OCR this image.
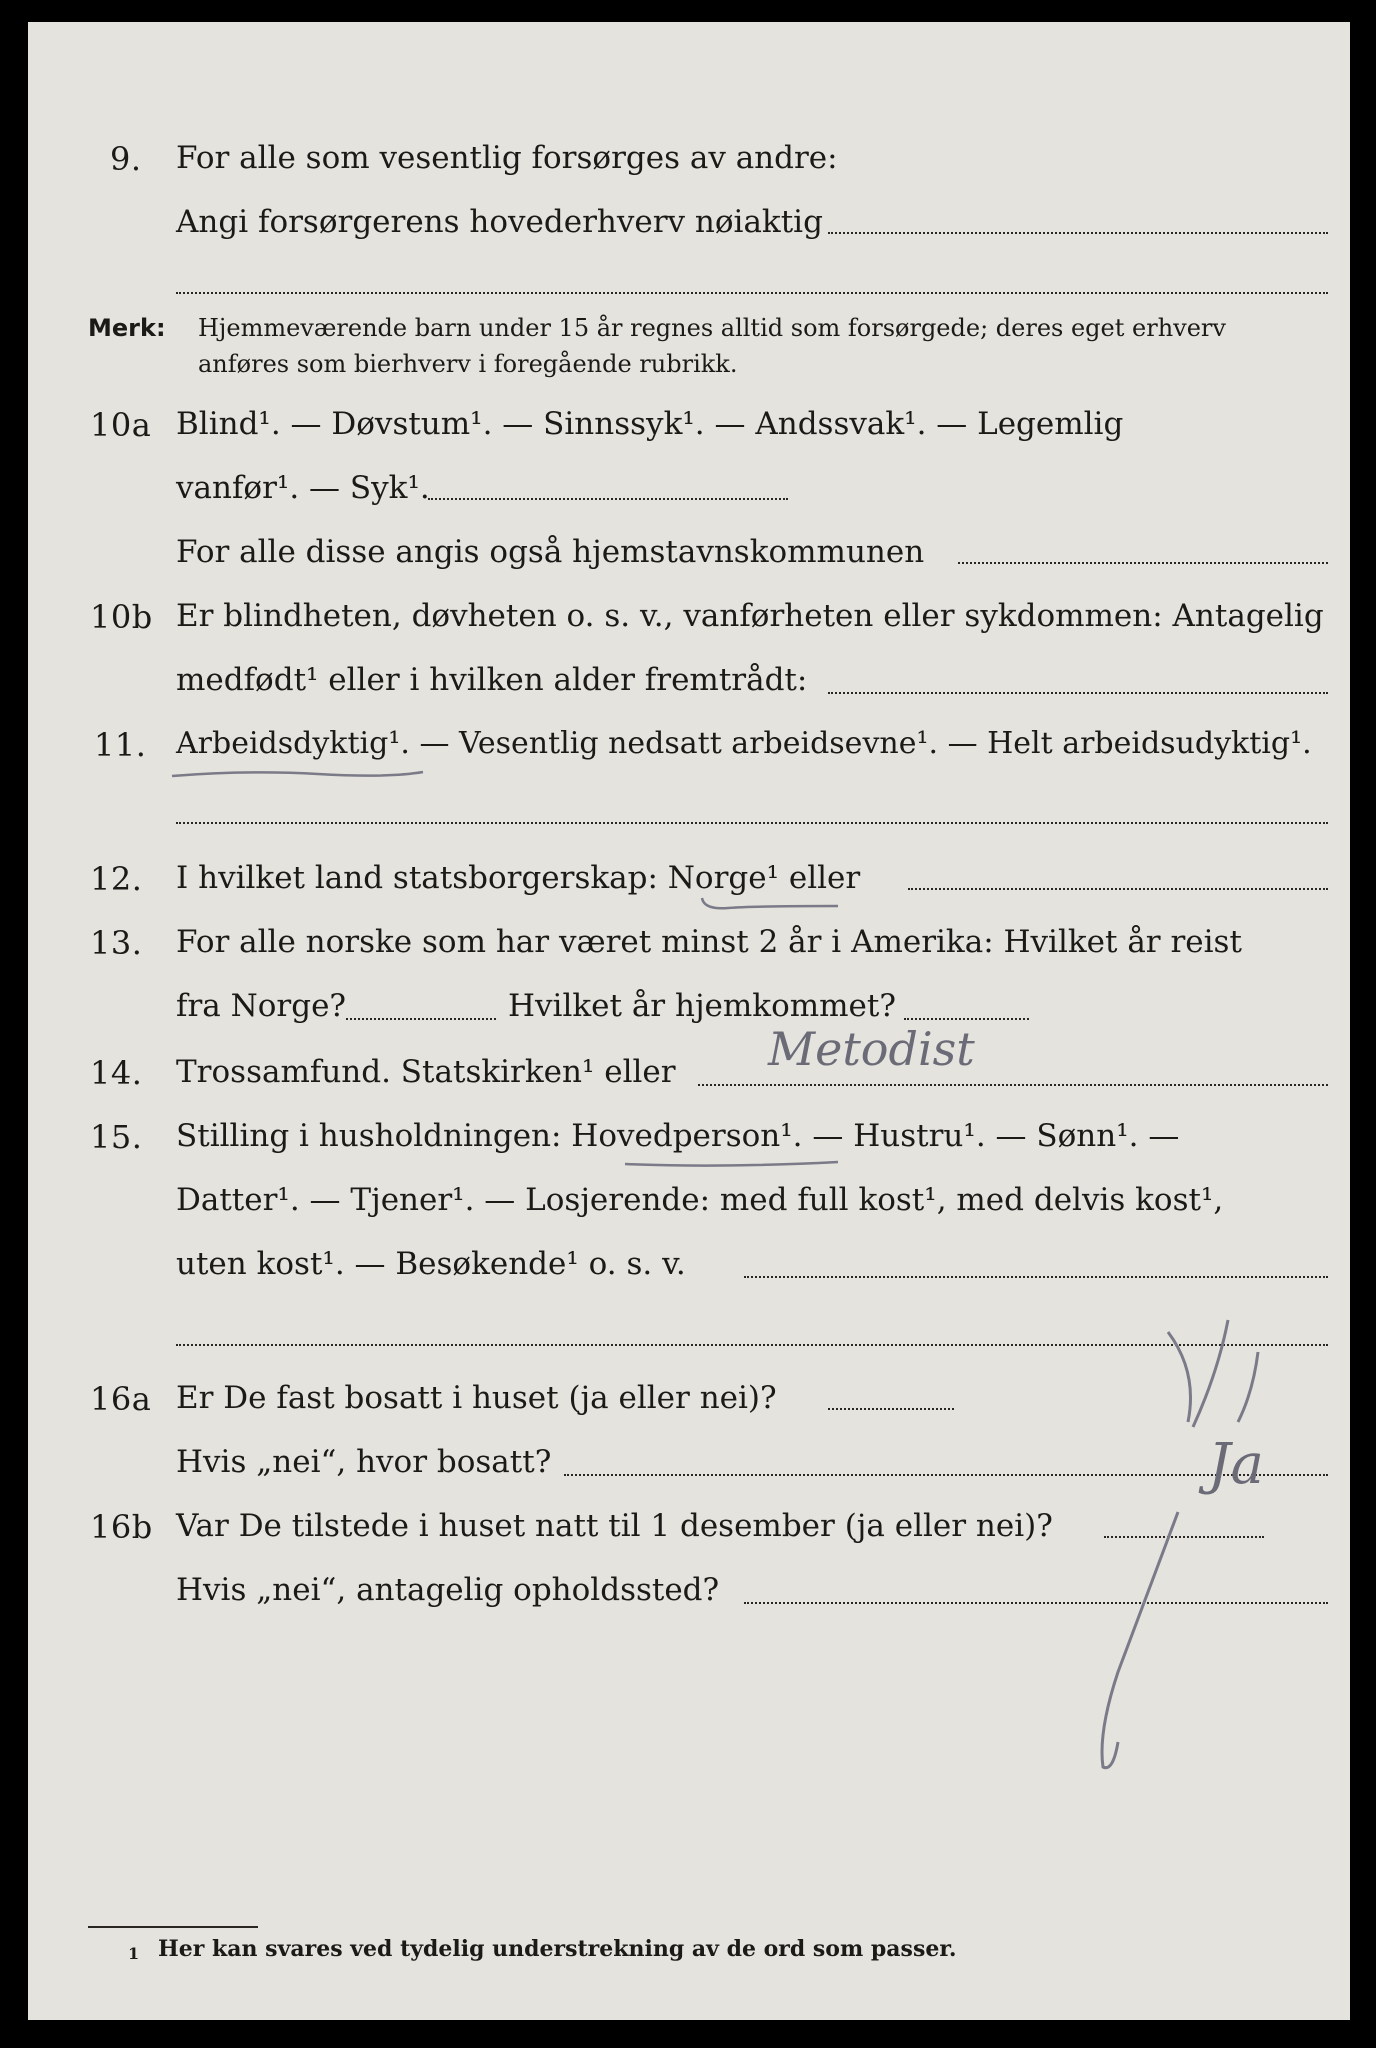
9. For alle som vesentlig forsørges av andre:
Angi forsørgerens hovederhverv nøiaktig
Merk: Hjemmeværende barn under 15 år regnes alltid som forsørgede; deres eget erhverv
anføres som bierhverv i foregående rubrikk.
10a Blind¹. — Døvstum¹. — Sinnssyk¹. — Andssvak¹. — Legemlig
vanfør¹. — Syk¹.
For alle disse angis også hjemstavnskommunen
10b Er blindheten, døvheten o. s. v., vanførheten eller sykdommen: Antagelig
medfødt¹ eller i hvilken alder fremtrådt:
11. Arbeidsdyktig¹. — Vesentlig nedsatt arbeidsevne¹. — Helt arbeidsudyktig¹.
12. I hvilket land statsborgerskap: Norge¹ eller
13. For alle norske som har været minst 2 år i Amerika: Hvilket år reist
fra Norge?	Hvilket år hjemkommet?
14. Trossamfund. Statskirken¹ eller Metodist
15. Stilling i husholdningen: Hovedperson¹. — Hustru¹. — Sønn¹. —
Datter¹. — Tjener¹. — Losjerende: med full kost¹, med delvis kost¹,
uten kost¹. — Besøkende¹ o. s. v.
16a Er De fast bosatt i huset (ja eller nei)?
Hvis „nei“, hvor bosatt?	Ja
16b Var De tilstede i huset natt til 1 desember (ja eller nei)?
Hvis „nei“, antagelig opholdssted?
1 Her kan svares ved tydelig understrekning av de ord som passer.
